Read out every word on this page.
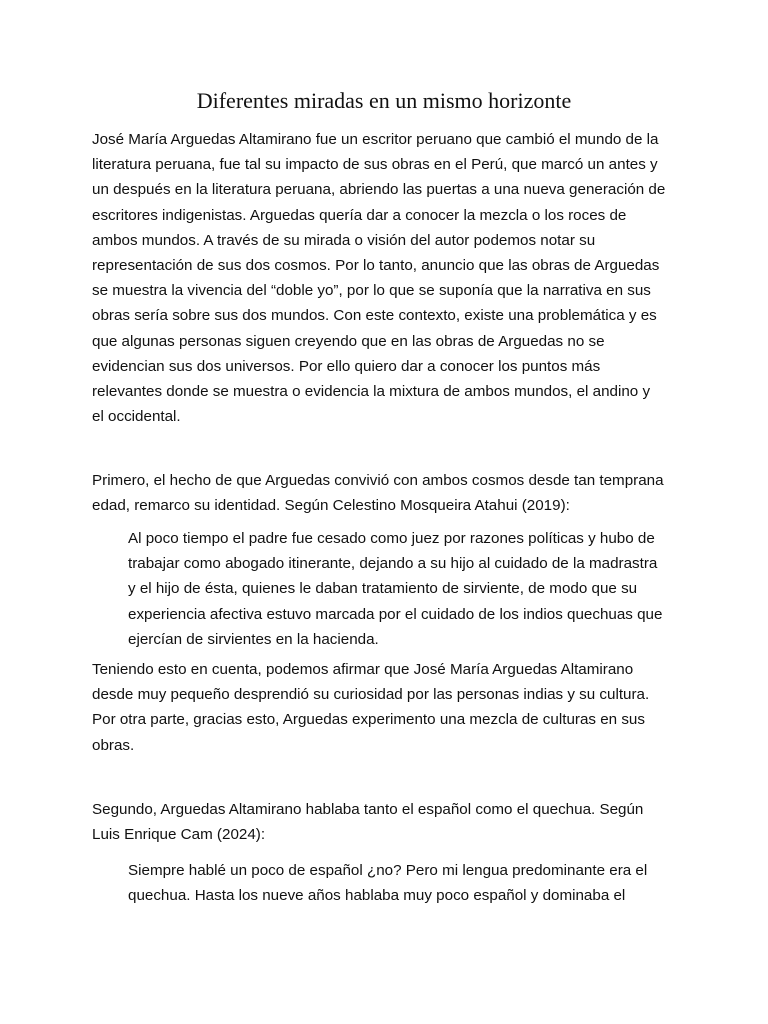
Diferentes miradas en un mismo horizonte

José María Arguedas Altamirano fue un escritor peruano que cambió el mundo de la
literatura peruana, fue tal su impacto de sus obras en el Perú, que marcó un antes y
un después en la literatura peruana, abriendo las puertas a una nueva generación de
escritores indigenistas. Arguedas quería dar a conocer la mezcla o los roces de
ambos mundos. A través de su mirada o visión del autor podemos notar su
representación de sus dos cosmos. Por lo tanto, anuncio que las obras de Arguedas
se muestra la vivencia del “doble yo”, por lo que se suponía que la narrativa en sus
obras sería sobre sus dos mundos. Con este contexto, existe una problemática y es
que algunas personas siguen creyendo que en las obras de Arguedas no se
evidencian sus dos universos. Por ello quiero dar a conocer los puntos más
relevantes donde se muestra o evidencia la mixtura de ambos mundos, el andino y
el occidental.

Primero, el hecho de que Arguedas convivió con ambos cosmos desde tan temprana
edad, remarco su identidad. Según Celestino Mosqueira Atahui (2019):

Al poco tiempo el padre fue cesado como juez por razones políticas y hubo de
trabajar como abogado itinerante, dejando a su hijo al cuidado de la madrastra
y el hijo de ésta, quienes le daban tratamiento de sirviente, de modo que su
experiencia afectiva estuvo marcada por el cuidado de los indios quechuas que
ejercían de sirvientes en la hacienda.

Teniendo esto en cuenta, podemos afirmar que José María Arguedas Altamirano
desde muy pequeño desprendió su curiosidad por las personas indias y su cultura.
Por otra parte, gracias esto, Arguedas experimento una mezcla de culturas en sus
obras.

Segundo, Arguedas Altamirano hablaba tanto el español como el quechua. Según
Luis Enrique Cam (2024):

Siempre hablé un poco de español ¿no? Pero mi lengua predominante era el
quechua. Hasta los nueve años hablaba muy poco español y dominaba el
